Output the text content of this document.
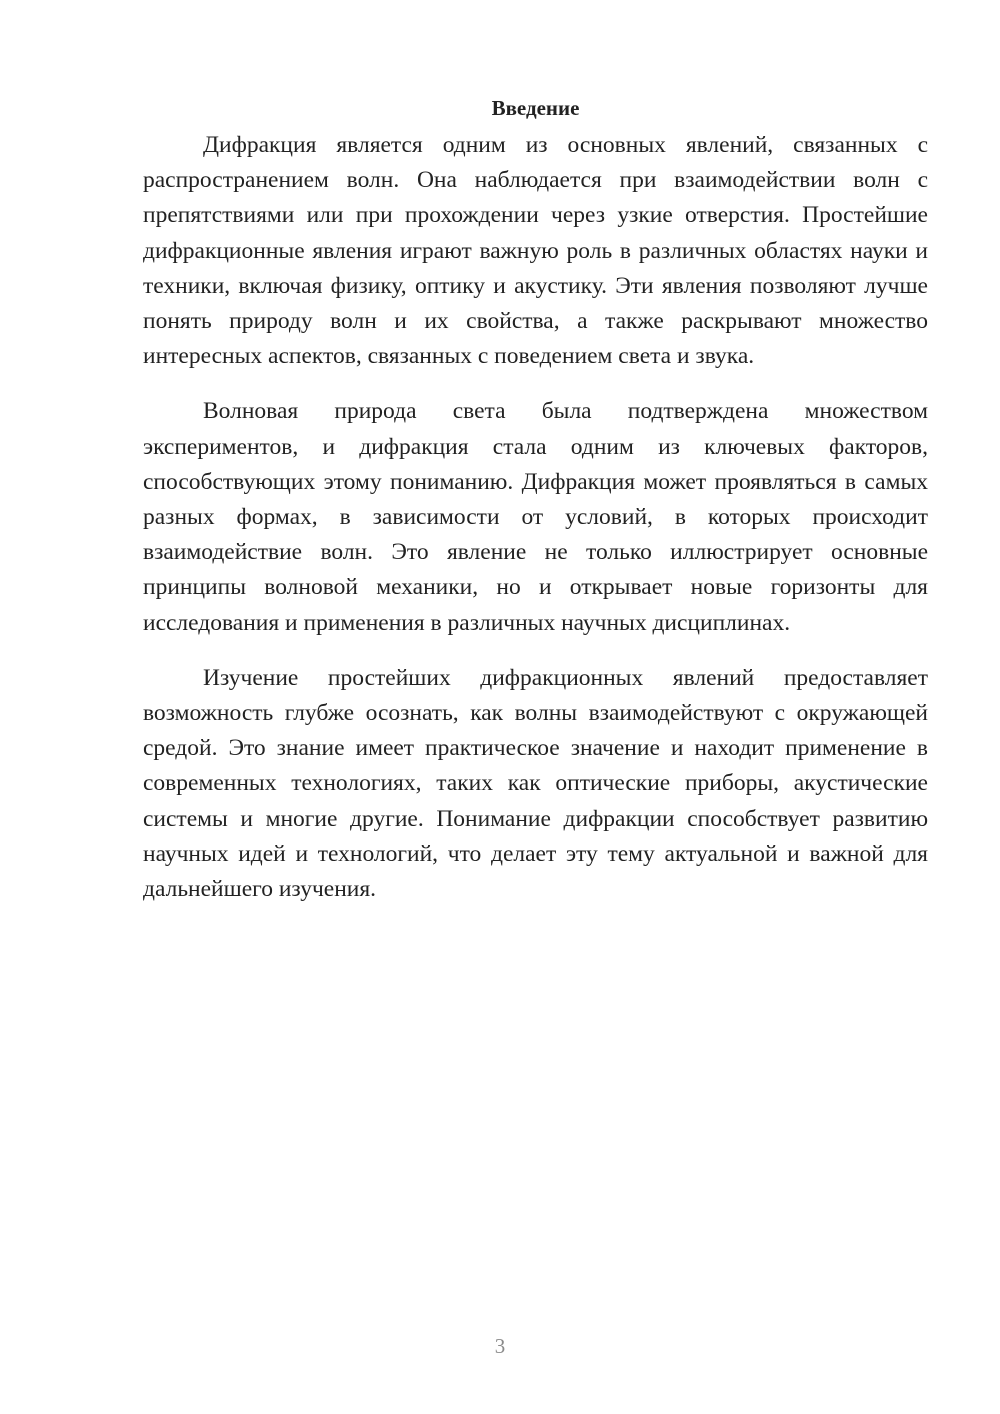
Введение

Дифракция является одним из основных явлений, связанных с распространением волн. Она наблюдается при взаимодействии волн с препятствиями или при прохождении через узкие отверстия. Простейшие дифракционные явления играют важную роль в различных областях науки и техники, включая физику, оптику и акустику. Эти явления позволяют лучше понять природу волн и их свойства, а также раскрывают множество интересных аспектов, связанных с поведением света и звука.

Волновая природа света была подтверждена множеством экспериментов, и дифракция стала одним из ключевых факторов, способствующих этому пониманию. Дифракция может проявляться в самых разных формах, в зависимости от условий, в которых происходит взаимодействие волн. Это явление не только иллюстрирует основные принципы волновой механики, но и открывает новые горизонты для исследования и применения в различных научных дисциплинах.

Изучение простейших дифракционных явлений предоставляет возможность глубже осознать, как волны взаимодействуют с окружающей средой. Это знание имеет практическое значение и находит применение в современных технологиях, таких как оптические приборы, акустические системы и многие другие. Понимание дифракции способствует развитию научных идей и технологий, что делает эту тему актуальной и важной для дальнейшего изучения.

3
